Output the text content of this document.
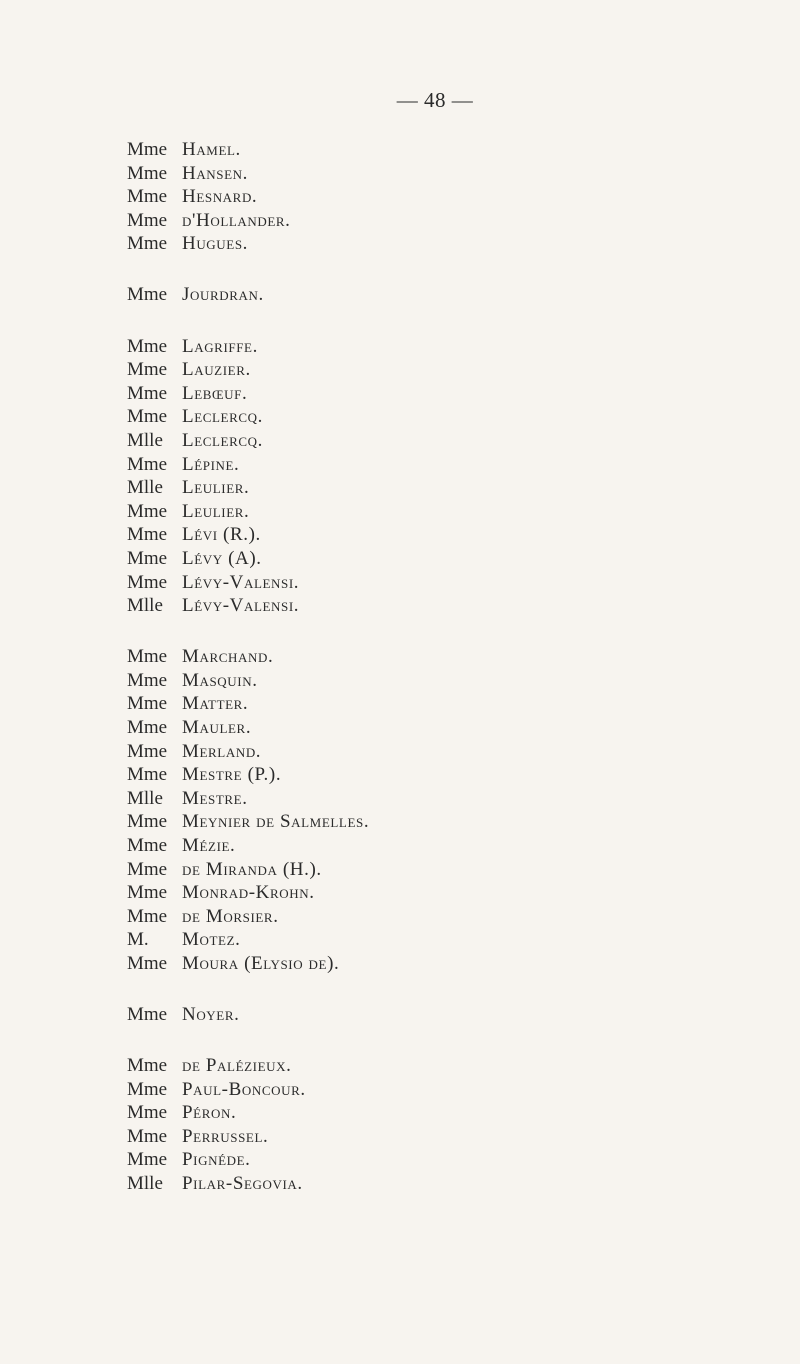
— 48 —
Mme Hamel.
Mme Hansen.
Mme Hesnard.
Mme d'Hollander.
Mme Hugues.
Mme Jourdran.
Mme Lagriffe.
Mme Lauzier.
Mme Lebœuf.
Mme Leclercq.
Mlle Leclercq.
Mme Lépine.
Mlle Leulier.
Mme Leulier.
Mme Lévi (R.).
Mme Lévy (A).
Mme Lévy-Valensi.
Mlle Lévy-Valensi.
Mme Marchand.
Mme Masquin.
Mme Matter.
Mme Mauler.
Mme Merland.
Mme Mestre (P.).
Mlle Mestre.
Mme Meynier de Salmelles.
Mme Mézie.
Mme de Miranda (H.).
Mme Monrad-Krohn.
Mme de Morsier.
M. Motez.
Mme Moura (Elysio de).
Mme Noyer.
Mme de Palézieux.
Mme Paul-Boncour.
Mme Péron.
Mme Perrussel.
Mme Pignéde.
Mlle Pilar-Segovia.
